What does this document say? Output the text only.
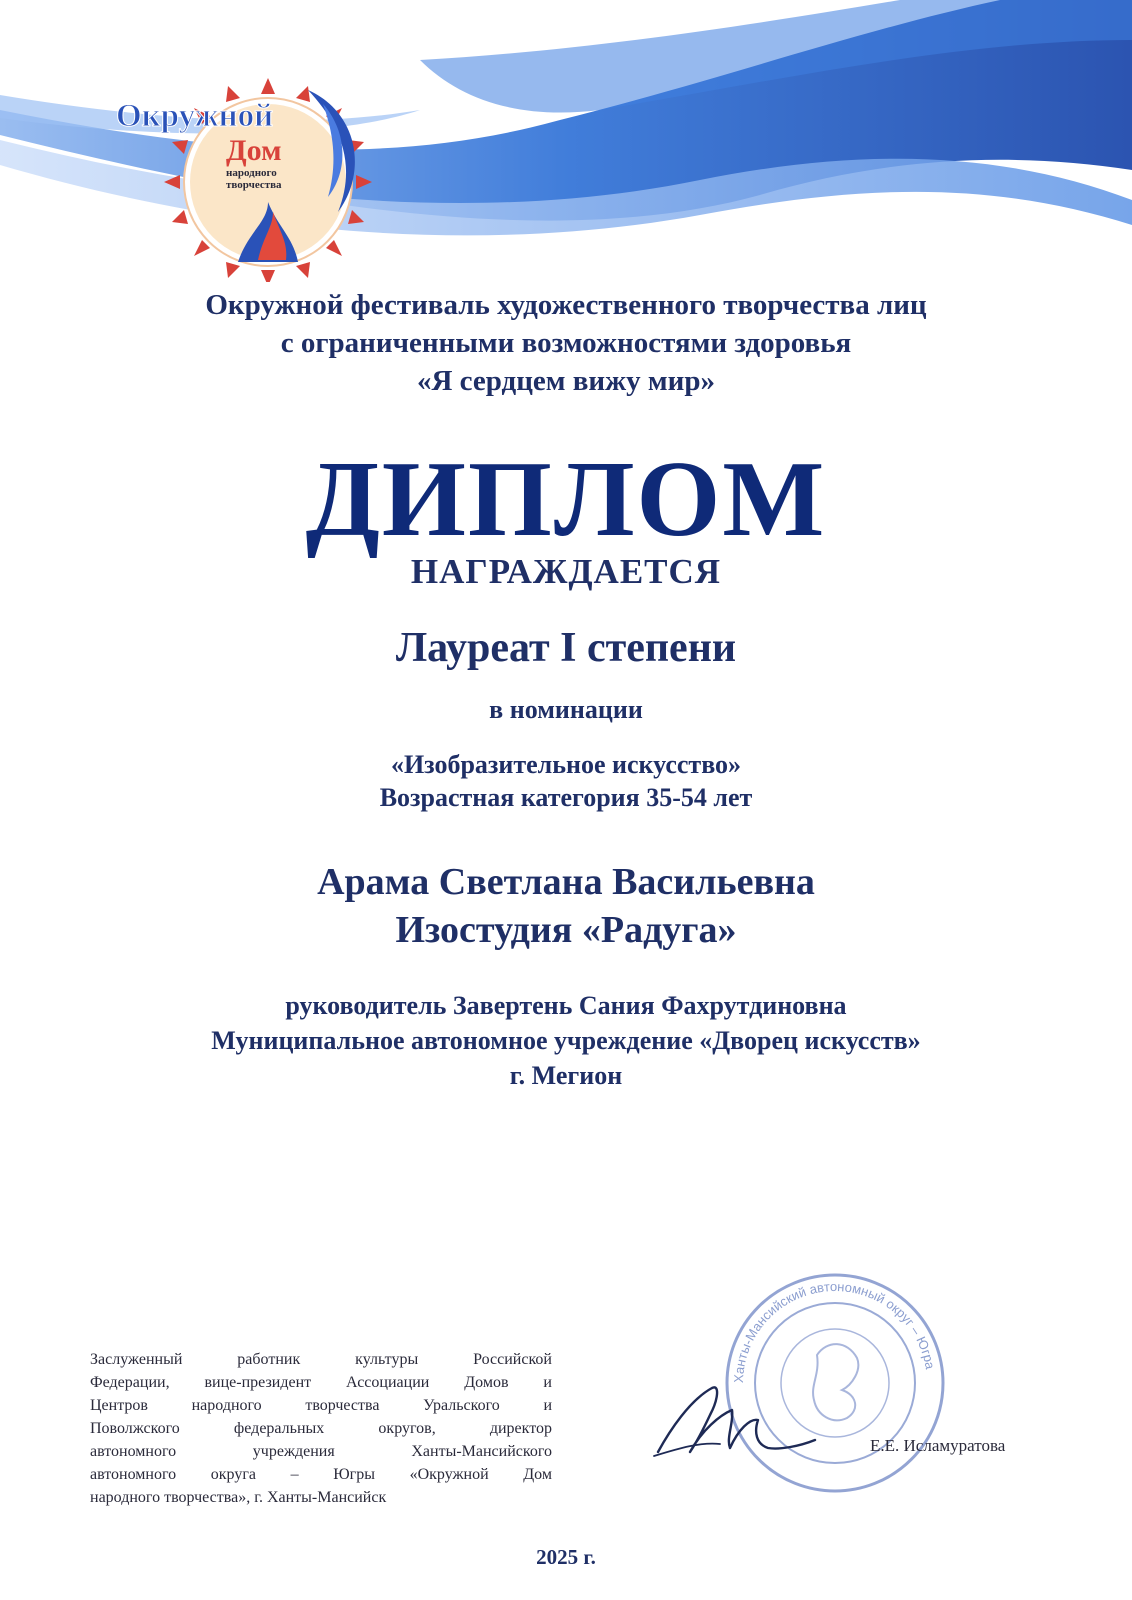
Окружной
Дом
народного
творчества
Окружной фестиваль художественного творчества лиц
с ограниченными возможностями здоровья
«Я сердцем вижу мир»
ДИПЛОМ
НАГРАЖДАЕТСЯ
Лауреат I степени
в номинации
«Изобразительное искусство»
Возрастная категория 35-54 лет
Арама Светлана Васильевна
Изостудия «Радуга»
руководитель Завертень Сания Фахрутдиновна
Муниципальное автономное учреждение «Дворец искусств»
г. Мегион
Заслуженный работник культуры Российской
Федерации, вице-президент Ассоциации Домов и
Центров народного творчества Уральского и
Поволжского федеральных округов, директор
автономного учреждения Ханты-Мансийского
автономного округа – Югры «Окружной Дом
народного творчества», г. Ханты-Мансийск
Ханты-Мансийский автономный округ – Югра
Е.Е. Исламуратова
2025 г.
